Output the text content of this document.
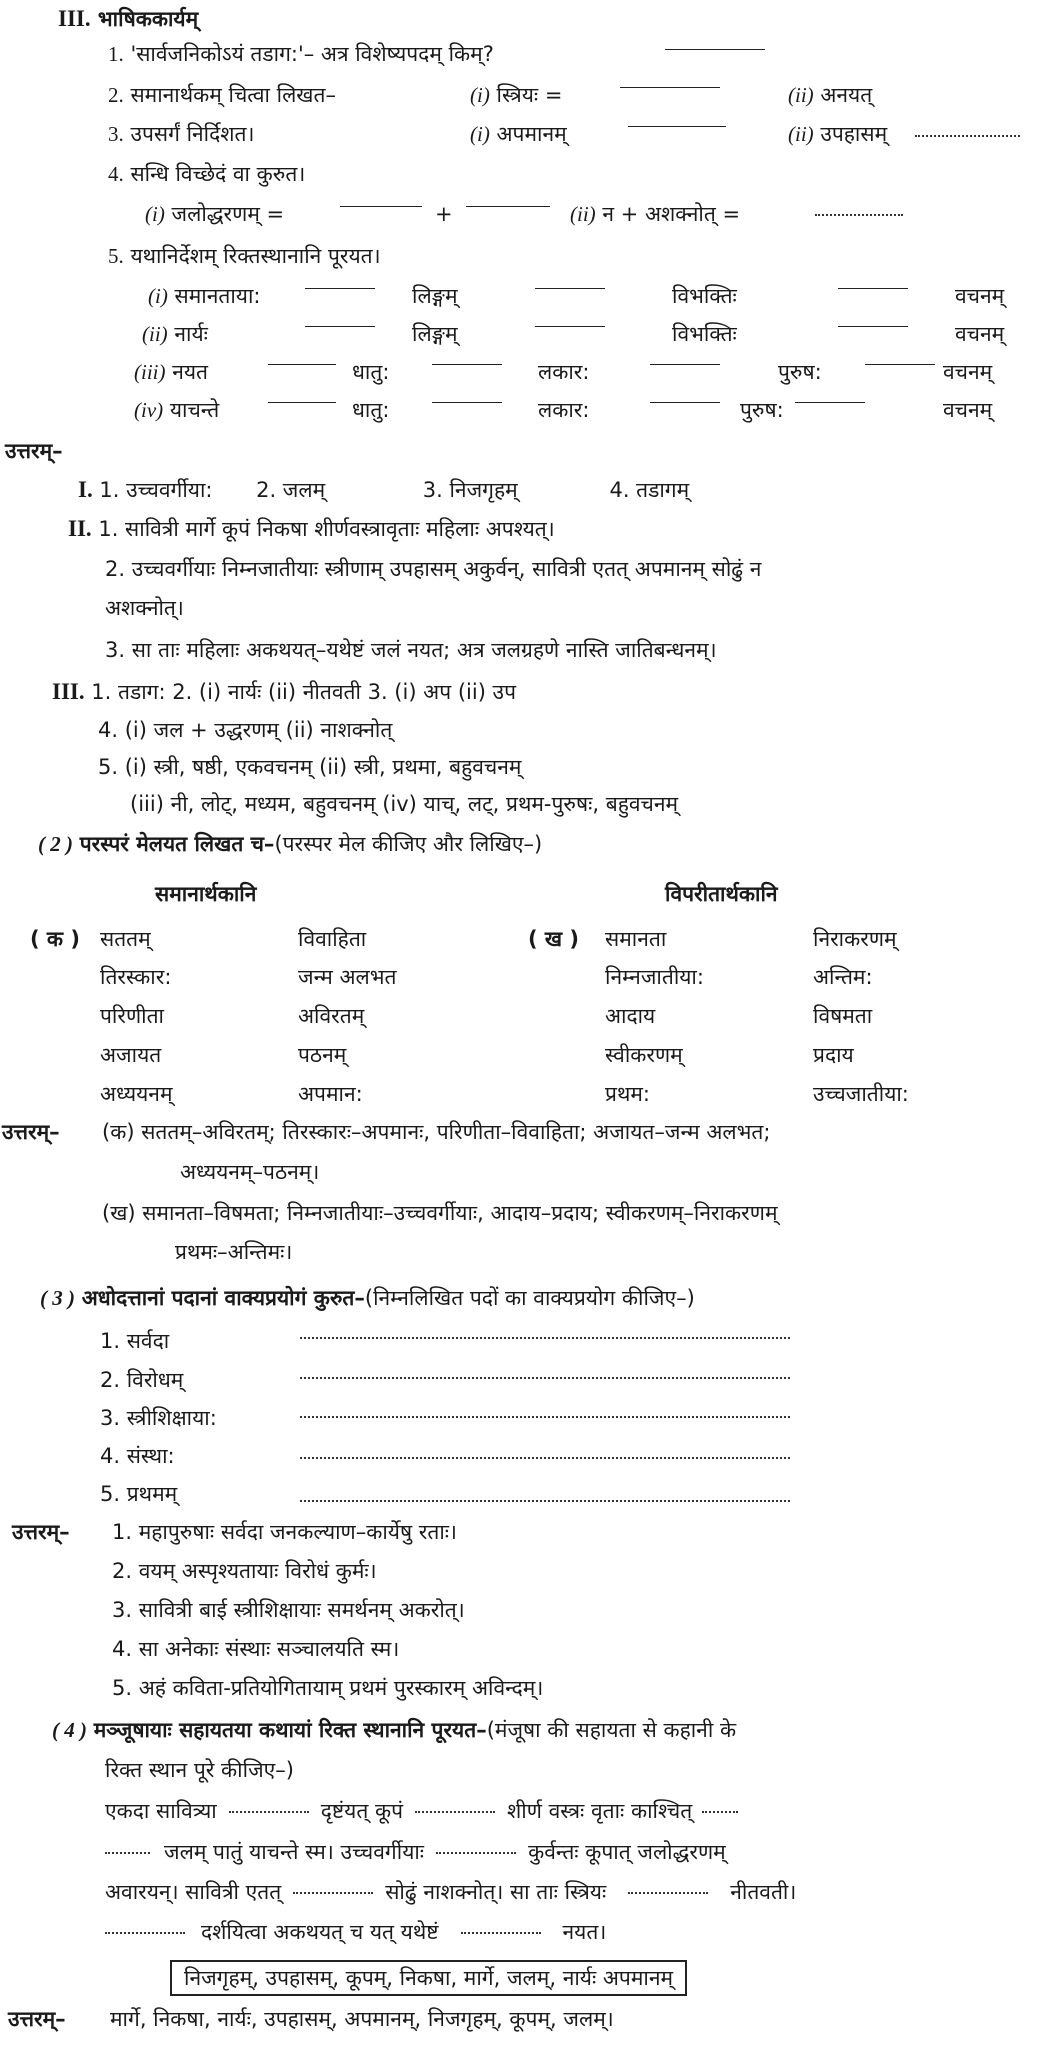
III. भाषिककार्यम्
1. 'सार्वजनिकोऽयं तडाग:'– अत्र विशेष्यपदम् किम्?
2. समानार्थकम् चित्वा लिखत–	(i) स्त्रियः =	(ii) अनयत्
3. उपसर्गं निर्दिशत।	(i) अपमानम्	(ii) उपहासम्
4. सन्धि विच्छेदं वा कुरुत।
(i) जलोद्धरणम् =	+	(ii) न + अशक्नोत् =
5. यथानिर्देशम् रिक्तस्थानानि पूरयत।
(i) समानताया:	लिङ्गम्	विभक्तिः	वचनम्
(ii) नार्यः	लिङ्गम्	विभक्तिः	वचनम्
(iii) नयत	धातु:	लकार:	पुरुष:	वचनम्
(iv) याचन्ते	धातु:	लकार:	पुरुष:	वचनम्
उत्तरम्–
I. 1. उच्चवर्गीया: 2. जलम्	3. निजगृहम्	4. तडागम्
II. 1. सावित्री मार्गे कूपं निकषा शीर्णवस्त्रावृताः महिलाः अपश्यत्।
2. उच्चवर्गीयाः निम्नजातीयाः स्त्रीणाम् उपहासम् अकुर्वन्, सावित्री एतत् अपमानम् सोढुं न
अशक्नोत्।
3. सा ताः महिलाः अकथयत्–यथेष्टं जलं नयत; अत्र जलग्रहणे नास्ति जातिबन्धनम्।
III. 1. तडाग: 2. (i) नार्यः (ii) नीतवती 3. (i) अप (ii) उप
4. (i) जल + उद्धरणम् (ii) नाशक्नोत्
5. (i) स्त्री, षष्ठी, एकवचनम् (ii) स्त्री, प्रथमा, बहुवचनम्
(iii) नी, लोट्, मध्यम, बहुवचनम् (iv) याच्, लट्, प्रथम-पुरुषः, बहुवचनम्
( 2 ) परस्परं मेलयत लिखत च–(परस्पर मेल कीजिए और लिखिए–)
समानार्थकानि	विपरीतार्थकानि
( क )	( ख )
सततम्	विवाहिता	समानता	निराकरणम्
तिरस्कार:	जन्म अलभत	निम्नजातीया:	अन्तिम:
परिणीता	अविरतम्	आदाय	विषमता
अजायत	पठनम्	स्वीकरणम्	प्रदाय
अध्ययनम्	अपमान:	प्रथम:	उच्चजातीया:
उत्तरम्– (क) सततम्–अविरतम्; तिरस्कारः–अपमानः, परिणीता–विवाहिता; अजायत–जन्म अलभत;
अध्ययनम्–पठनम्।
(ख) समानता–विषमता; निम्नजातीयाः–उच्चवर्गीयाः, आदाय–प्रदाय; स्वीकरणम्–निराकरणम्
प्रथमः–अन्तिमः।
( 3 ) अधोदत्तानां पदानां वाक्यप्रयोगं कुरुत–(निम्नलिखित पदों का वाक्यप्रयोग कीजिए–)
1. सर्वदा
2. विरोधम्
3. स्त्रीशिक्षाया:
4. संस्था:
5. प्रथमम्
उत्तरम्– 1. महापुरुषाः सर्वदा जनकल्याण–कार्येषु रताः।
2. वयम् अस्पृश्यतायाः विरोधं कुर्मः।
3. सावित्री बाई स्त्रीशिक्षायाः समर्थनम् अकरोत्।
4. सा अनेकाः संस्थाः सञ्चालयति स्म।
5. अहं कविता-प्रतियोगितायाम् प्रथमं पुरस्कारम् अविन्दम्।
( 4 ) मञ्जूषायाः सहायतया कथायां रिक्त स्थानानि पूरयत–(मंजूषा की सहायता से कहानी के
रिक्त स्थान पूरे कीजिए–)
एकदा सावित्र्या	दृष्टंयत् कूपं	शीर्ण वस्त्रः वृताः काश्चित्
जलम् पातुं याचन्ते स्म। उच्चवर्गीयाः	कुर्वन्तः कूपात् जलोद्धरणम्
अवारयन्। सावित्री एतत्	सोढुं नाशक्नोत्। सा ताः स्त्रियः	नीतवती।
दर्शयित्वा अकथयत् च यत् यथेष्टं	नयत।
निजगृहम्, उपहासम्, कूपम्, निकषा, मार्गे, जलम्, नार्यः अपमानम्
उत्तरम्– मार्गे, निकषा, नार्यः, उपहासम्, अपमानम्, निजगृहम्, कूपम्, जलम्।
